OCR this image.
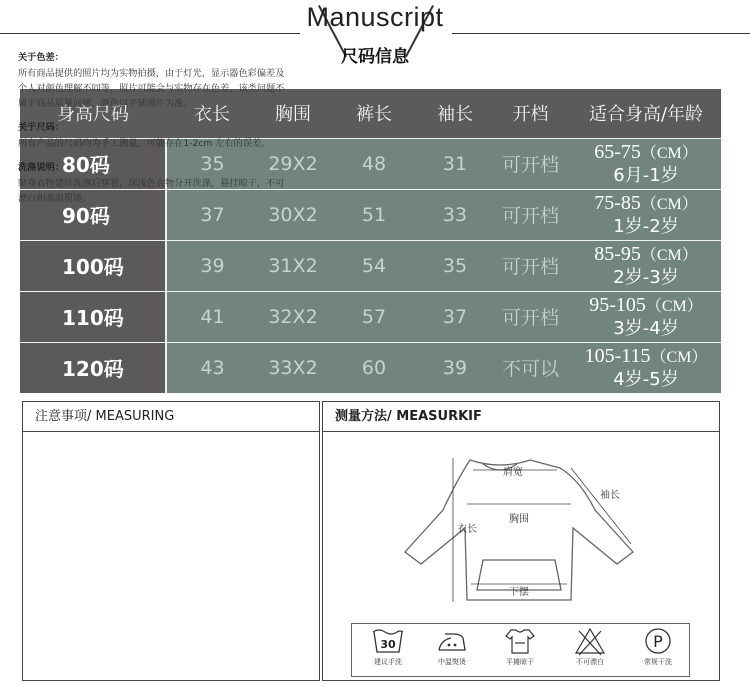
Manuscript
尺码信息
身高尺码	衣长	胸围	裤长	袖长	开档	适合身高/年龄
80码	35	29X2	48	31	可开档	65-75（CM）
6月-1岁

90码	37	30X2	51	33	可开档	75-85（CM）
1岁-2岁

100码	39	31X2	54	35	可开档	85-95（CM）
2岁-3岁

110码	41	32X2	57	37	可开档	95-105（CM）
3岁-4岁

120码	43	33X2	60	39	不可以	105-115（CM）
4岁-5岁
注意事项/ MEASURING
关于色差：
所有商品提供的照片均为实物拍摄，由于灯光，显示器色彩偏差及个人对颜色理解不同等，照片可能会与实物存在色差，该类问题不属于商品质量问题，颜色以平铺图片为准。
关于尺码：
所有产品的尺码均为手工测量，可能存在1-2cm 左右的误差。
洗涤说明：
贴身衣物建议洗涤后穿着，深浅色衣物分开洗涤，悬挂晾干，不可漂白和高温熨烫。
测量方法/ MEASURKIF
肩宽
胸围
衣长
袖长
下摆
30
建议手洗	中温熨烫	平摊晾干	不可漂白
P
常规干洗
